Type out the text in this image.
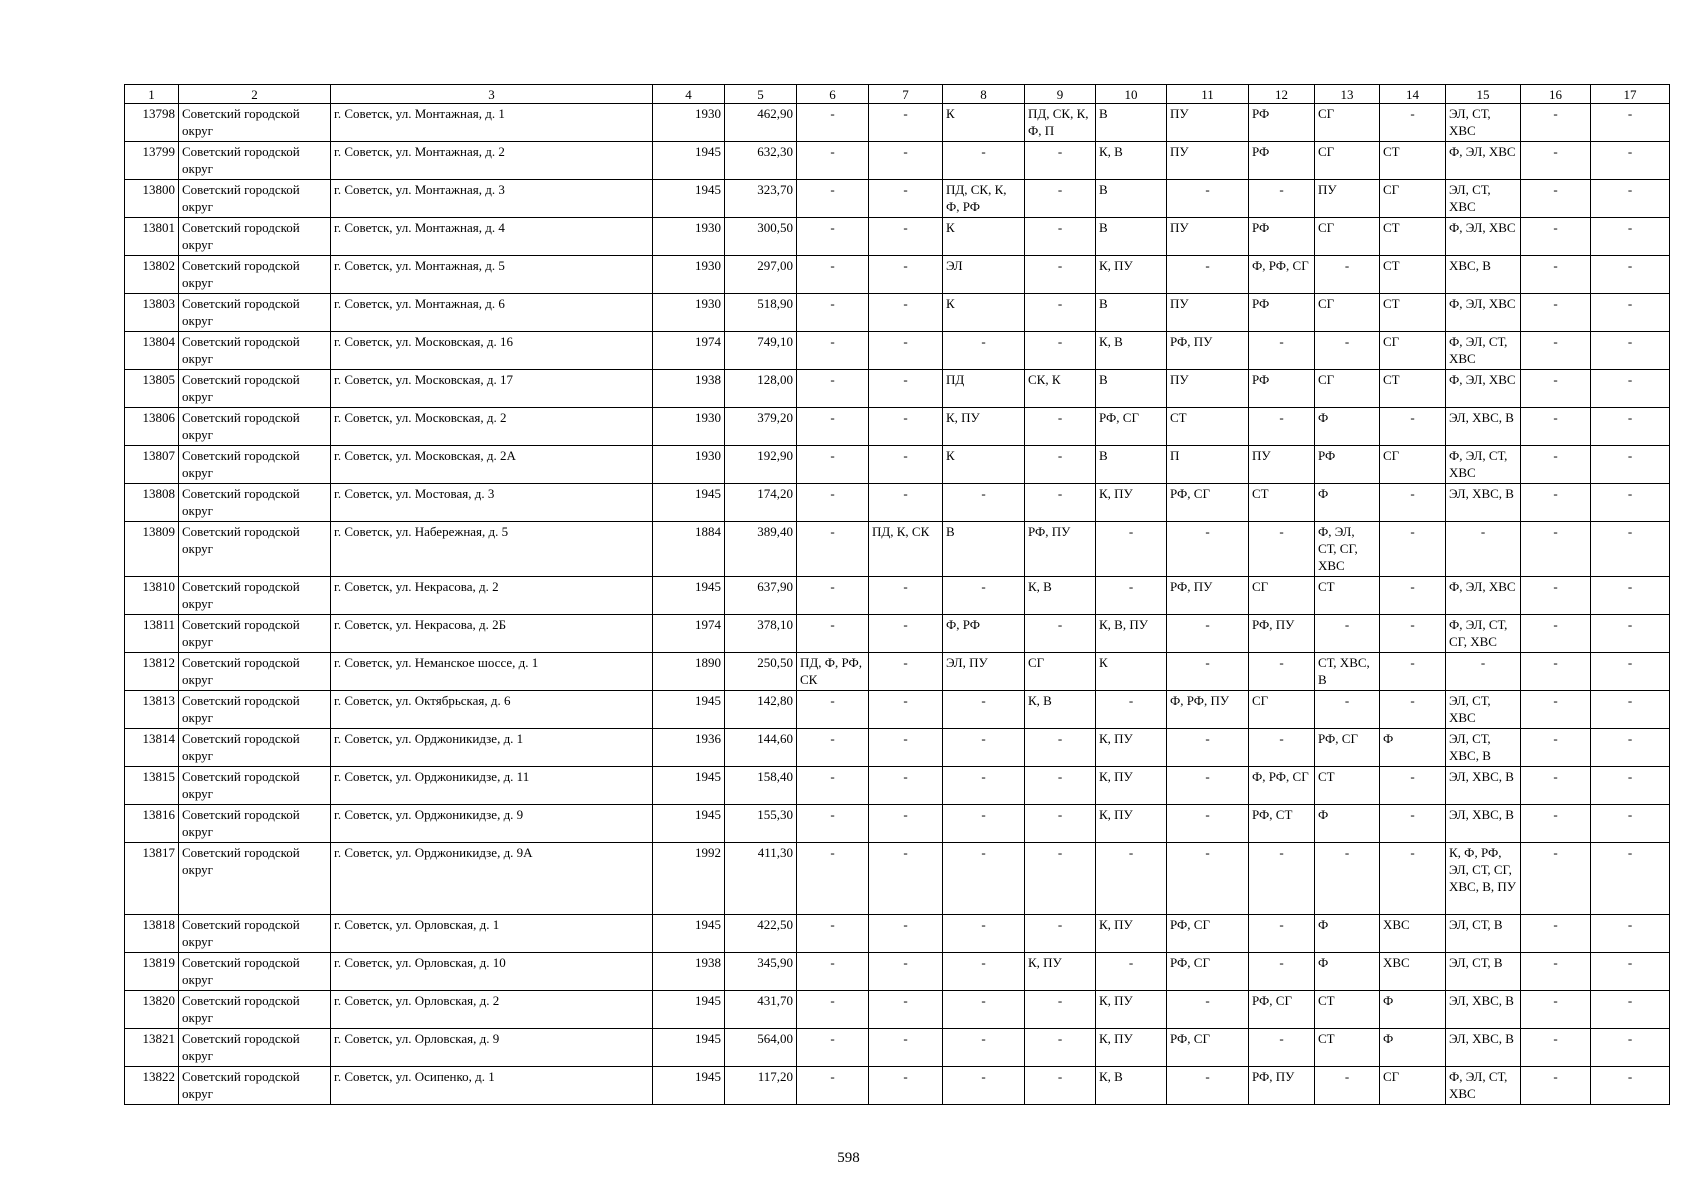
1	2	3	4	5	6	7	8	9	10	11	12	13	14	15	16	17
13798	Советский городской округ	г. Советск, ул. Монтажная, д. 1	1930	462,90	-	-	К	ПД, СК, К, Ф, П	В	ПУ	РФ	СГ	-	ЭЛ, СТ, ХВС	-	-
13799	Советский городской округ	г. Советск, ул. Монтажная, д. 2	1945	632,30	-	-	-	-	К, В	ПУ	РФ	СГ	СТ	Ф, ЭЛ, ХВС	-	-
13800	Советский городской округ	г. Советск, ул. Монтажная, д. 3	1945	323,70	-	-	ПД, СК, К, Ф, РФ	-	В	-	-	ПУ	СГ	ЭЛ, СТ, ХВС	-	-
13801	Советский городской округ	г. Советск, ул. Монтажная, д. 4	1930	300,50	-	-	К	-	В	ПУ	РФ	СГ	СТ	Ф, ЭЛ, ХВС	-	-
13802	Советский городской округ	г. Советск, ул. Монтажная, д. 5	1930	297,00	-	-	ЭЛ	-	К, ПУ	-	Ф, РФ, СГ	-	СТ	ХВС, В	-	-
13803	Советский городской округ	г. Советск, ул. Монтажная, д. 6	1930	518,90	-	-	К	-	В	ПУ	РФ	СГ	СТ	Ф, ЭЛ, ХВС	-	-
13804	Советский городской округ	г. Советск, ул. Московская, д. 16	1974	749,10	-	-	-	-	К, В	РФ, ПУ	-	-	СГ	Ф, ЭЛ, СТ, ХВС	-	-
13805	Советский городской округ	г. Советск, ул. Московская, д. 17	1938	128,00	-	-	ПД	СК, К	В	ПУ	РФ	СГ	СТ	Ф, ЭЛ, ХВС	-	-
13806	Советский городской округ	г. Советск, ул. Московская, д. 2	1930	379,20	-	-	К, ПУ	-	РФ, СГ	СТ	-	Ф	-	ЭЛ, ХВС, В	-	-
13807	Советский городской округ	г. Советск, ул. Московская, д. 2А	1930	192,90	-	-	К	-	В	П	ПУ	РФ	СГ	Ф, ЭЛ, СТ, ХВС	-	-
13808	Советский городской округ	г. Советск, ул. Мостовая, д. 3	1945	174,20	-	-	-	-	К, ПУ	РФ, СГ	СТ	Ф	-	ЭЛ, ХВС, В	-	-
13809	Советский городской округ	г. Советск, ул. Набережная, д. 5	1884	389,40	-	ПД, К, СК	В	РФ, ПУ	-	-	-	Ф, ЭЛ, СТ, СГ, ХВС	-	-	-	-
13810	Советский городской округ	г. Советск, ул. Некрасова, д. 2	1945	637,90	-	-	-	К, В	-	РФ, ПУ	СГ	СТ	-	Ф, ЭЛ, ХВС	-	-
13811	Советский городской округ	г. Советск, ул. Некрасова, д. 2Б	1974	378,10	-	-	Ф, РФ	-	К, В, ПУ	-	РФ, ПУ	-	-	Ф, ЭЛ, СТ, СГ, ХВС	-	-
13812	Советский городской округ	г. Советск, ул. Неманское шоссе, д. 1	1890	250,50	ПД, Ф, РФ, СК	-	ЭЛ, ПУ	СГ	К	-	-	СТ, ХВС, В	-	-	-	-
13813	Советский городской округ	г. Советск, ул. Октябрьская, д. 6	1945	142,80	-	-	-	К, В	-	Ф, РФ, ПУ	СГ	-	-	ЭЛ, СТ, ХВС	-	-
13814	Советский городской округ	г. Советск, ул. Орджоникидзе, д. 1	1936	144,60	-	-	-	-	К, ПУ	-	-	РФ, СГ	Ф	ЭЛ, СТ, ХВС, В	-	-
13815	Советский городской округ	г. Советск, ул. Орджоникидзе, д. 11	1945	158,40	-	-	-	-	К, ПУ	-	Ф, РФ, СГ	СТ	-	ЭЛ, ХВС, В	-	-
13816	Советский городской округ	г. Советск, ул. Орджоникидзе, д. 9	1945	155,30	-	-	-	-	К, ПУ	-	РФ, СТ	Ф	-	ЭЛ, ХВС, В	-	-
13817	Советский городской округ	г. Советск, ул. Орджоникидзе, д. 9А	1992	411,30	-	-	-	-	-	-	-	-	-	К, Ф, РФ, ЭЛ, СТ, СГ, ХВС, В, ПУ	-	-
13818	Советский городской округ	г. Советск, ул. Орловская, д. 1	1945	422,50	-	-	-	-	К, ПУ	РФ, СГ	-	Ф	ХВС	ЭЛ, СТ, В	-	-
13819	Советский городской округ	г. Советск, ул. Орловская, д. 10	1938	345,90	-	-	-	К, ПУ	-	РФ, СГ	-	Ф	ХВС	ЭЛ, СТ, В	-	-
13820	Советский городской округ	г. Советск, ул. Орловская, д. 2	1945	431,70	-	-	-	-	К, ПУ	-	РФ, СГ	СТ	Ф	ЭЛ, ХВС, В	-	-
13821	Советский городской округ	г. Советск, ул. Орловская, д. 9	1945	564,00	-	-	-	-	К, ПУ	РФ, СГ	-	СТ	Ф	ЭЛ, ХВС, В	-	-
13822	Советский городской округ	г. Советск, ул. Осипенко, д. 1	1945	117,20	-	-	-	-	К, В	-	РФ, ПУ	-	СГ	Ф, ЭЛ, СТ, ХВС	-	-
598
